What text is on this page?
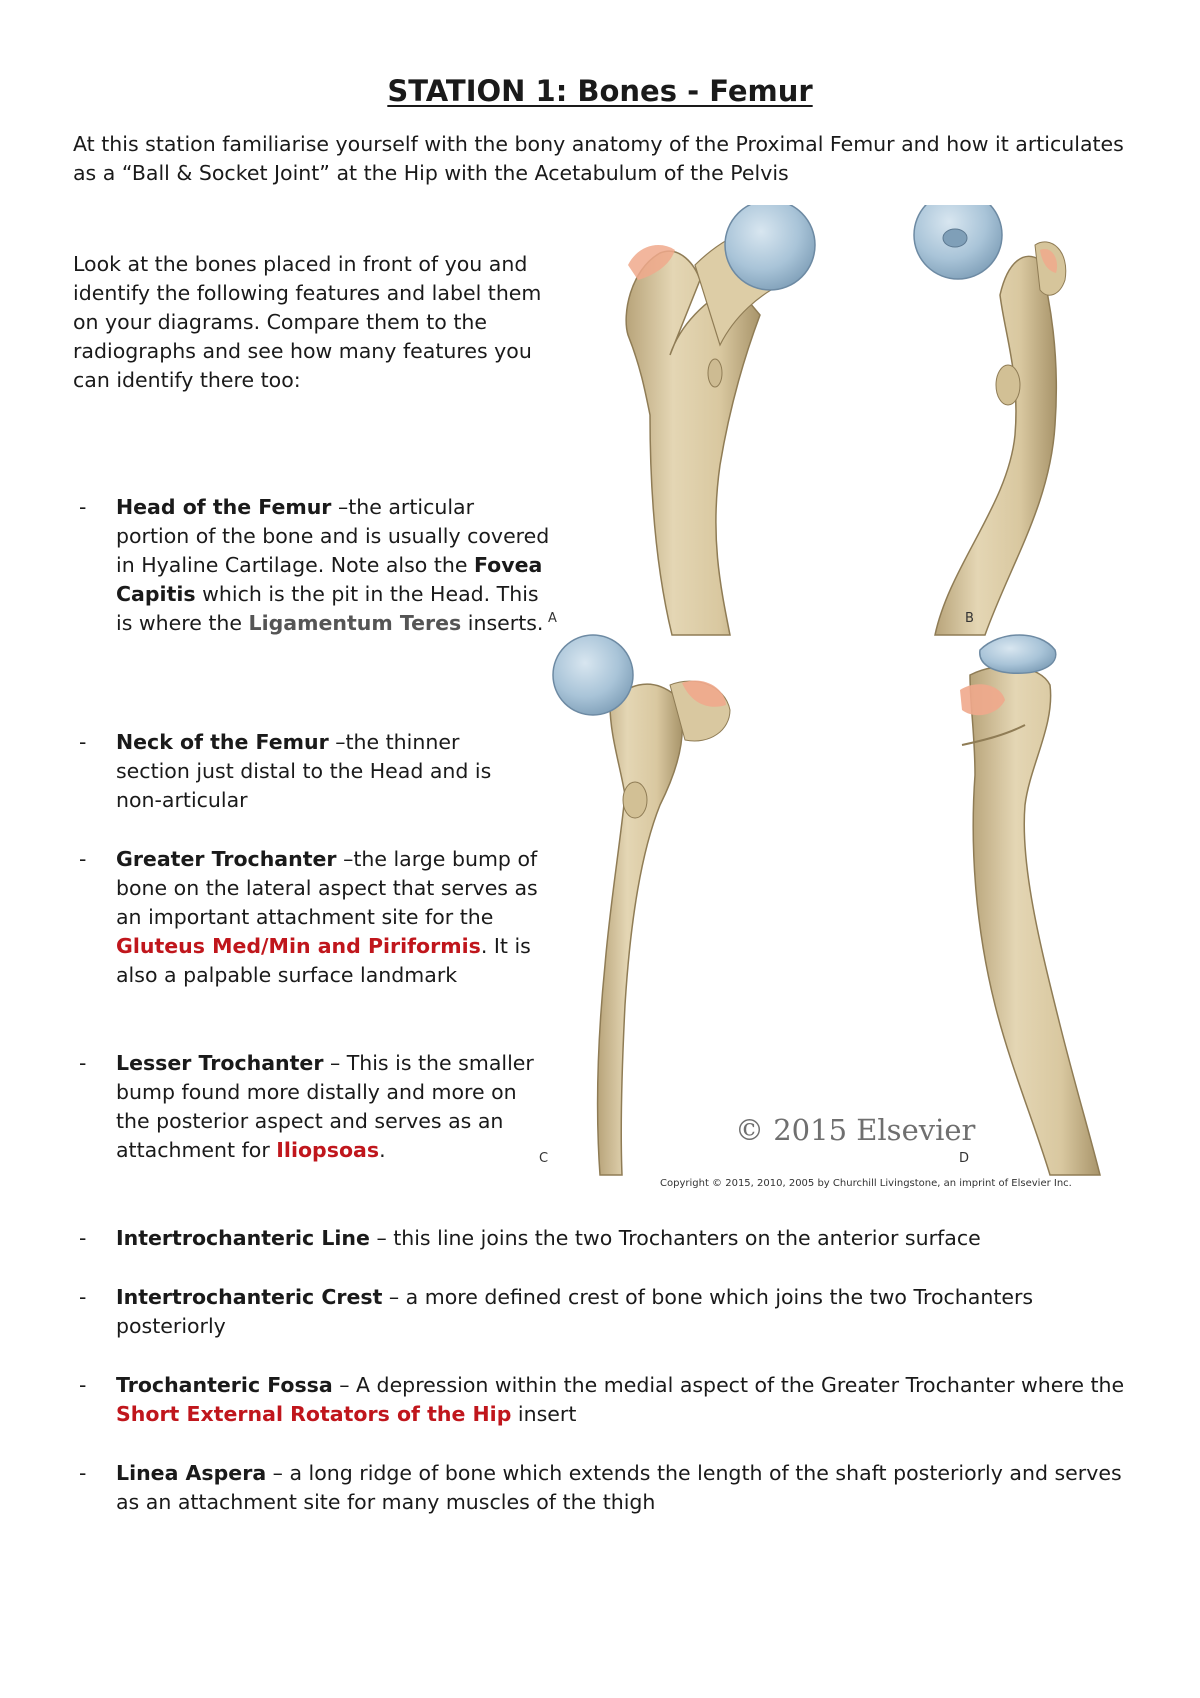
STATION 1: Bones - Femur

At this station familiarise yourself with the bony anatomy of the Proximal Femur and how it articulates as a “Ball & Socket Joint” at the Hip with the Acetabulum of the Pelvis

Look at the bones placed in front of you and identify the following features and label them on your diagrams. Compare them to the radiographs and see how many features you can identify there too:

- Head of the Femur –the articular portion of the bone and is usually covered in Hyaline Cartilage. Note also the Fovea Capitis which is the pit in the Head. This is where the Ligamentum Teres inserts.
- Neck of the Femur –the thinner section just distal to the Head and is non-articular
- Greater Trochanter –the large bump of bone on the lateral aspect that serves as an important attachment site for the Gluteus Med/Min and Piriformis. It is also a palpable surface landmark
- Lesser Trochanter – This is the smaller bump found more distally and more on the posterior aspect and serves as an attachment for Iliopsoas.
- Intertrochanteric Line – this line joins the two Trochanters on the anterior surface
- Intertrochanteric Crest – a more defined crest of bone which joins the two Trochanters posteriorly
- Trochanteric Fossa – A depression within the medial aspect of the Greater Trochanter where the Short External Rotators of the Hip insert
- Linea Aspera – a long ridge of bone which extends the length of the shaft posteriorly and serves as an attachment site for many muscles of the thigh
A	B
C	D
© 2015 Elsevier
Copyright © 2015, 2010, 2005 by Churchill Livingstone, an imprint of Elsevier Inc.
